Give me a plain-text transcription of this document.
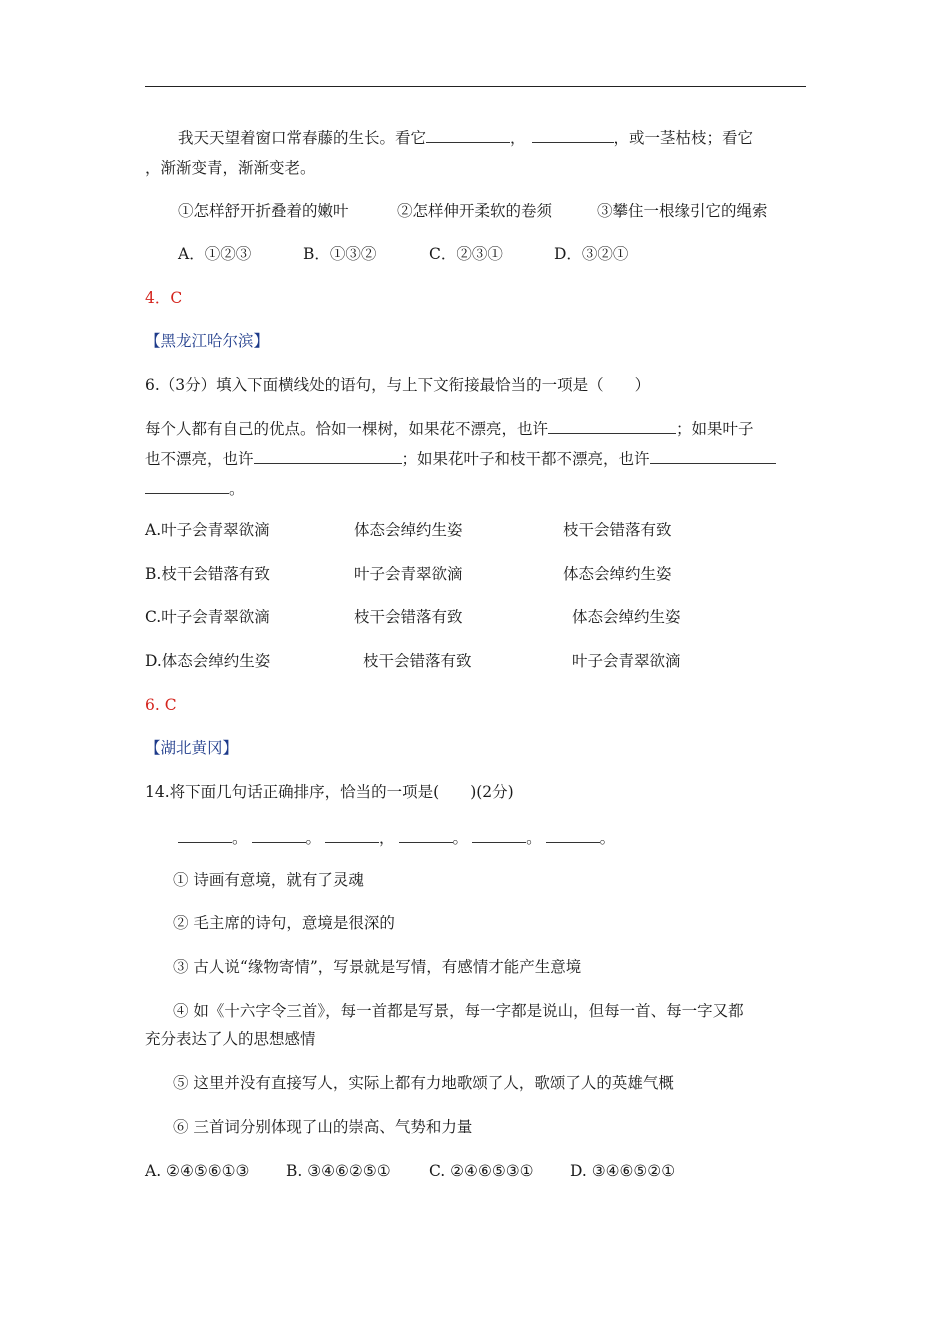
我天天望着窗口常春藤的生长。看它	，	，或一茎枯枝；看它
，渐渐变青，渐渐变老。
①怎样舒开折叠着的嫩叶	②怎样伸开柔软的卷须	③攀住一根缘引它的绳索
A．①②③	B．①③②	C．②③①	D．③②①
4．C
【黑龙江哈尔滨】
6.（3分）填入下面横线处的语句，与上下文衔接最恰当的一项是（　　）
每个人都有自己的优点。恰如一棵树，如果花不漂亮，也许	；如果叶子
也不漂亮，也许	；如果花叶子和枝干都不漂亮，也许
。
A.叶子会青翠欲滴	体态会绰约生姿	枝干会错落有致
B.枝干会错落有致	叶子会青翠欲滴	体态会绰约生姿
C.叶子会青翠欲滴	枝干会错落有致	体态会绰约生姿
D.体态会绰约生姿	枝干会错落有致	叶子会青翠欲滴
6. C
【湖北黄冈】
14.将下面几句话正确排序，恰当的一项是(　　)(2分)
。	。	，	。	。	。
① 诗画有意境，就有了灵魂
② 毛主席的诗句，意境是很深的
③ 古人说“缘物寄情”，写景就是写情，有感情才能产生意境
④ 如《十六字令三首》，每一首都是写景，每一字都是说山，但每一首、每一字又都
充分表达了人的思想感情
⑤ 这里并没有直接写人，实际上都有力地歌颂了人，歌颂了人的英雄气概
⑥ 三首词分别体现了山的崇高、气势和力量
A. ②④⑤⑥①③ B. ③④⑥②⑤① C. ②④⑥⑤③① D. ③④⑥⑤②①
